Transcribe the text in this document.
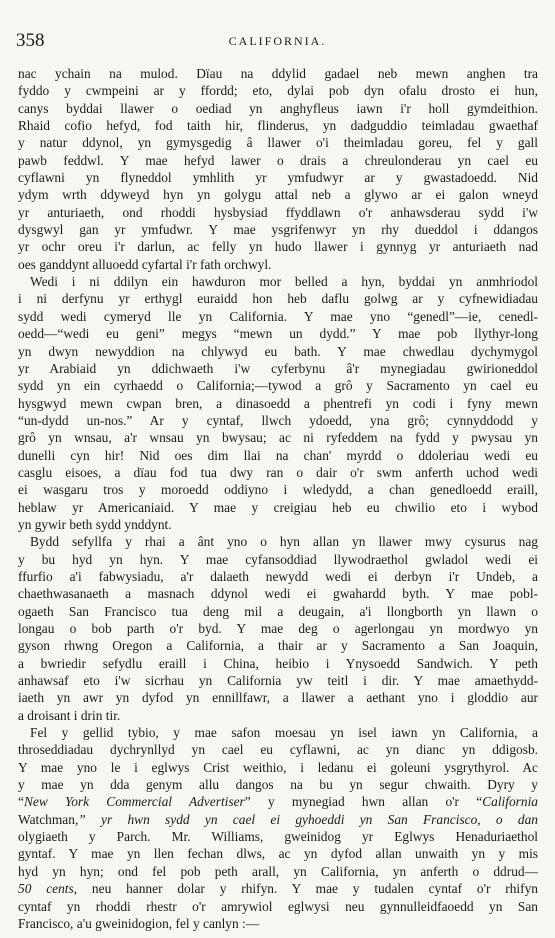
358	CALIFORNIA.
nac ychain na mulod. Dïau na ddylid gadael neb mewn anghen tra
fyddo y cwmpeini ar y ffordd; eto, dylai pob dyn ofalu drosto ei hun,
canys byddai llawer o oediad yn anghyfleus iawn i'r holl gymdeithion.
Rhaid cofio hefyd, fod taith hir, flinderus, yn dadguddio teimladau gwaethaf
y natur ddynol, yn gymysgedig â llawer o'i theimladau goreu, fel y gall
pawb feddwl. Y mae hefyd lawer o drais a chreulonderau yn cael eu
cyflawni yn flyneddol ymhlith yr ymfudwyr ar y gwastadoedd. Nid
ydym wrth ddyweyd hyn yn golygu attal neb a glywo ar ei galon wneyd
yr anturiaeth, ond rhoddi hysbysiad ffyddlawn o'r anhawsderau sydd i'w
dysgwyl gan yr ymfudwr. Y mae ysgrifenwyr yn rhy dueddol i ddangos
yr ochr oreu i'r darlun, ac felly yn hudo llawer i gynnyg yr anturiaeth nad
oes ganddynt alluoedd cyfartal i'r fath orchwyl.
Wedi i ni ddilyn ein hawduron mor belled a hyn, byddai yn anmhriodol
i ni derfynu yr erthygl euraidd hon heb daflu golwg ar y cyfnewidiadau
sydd wedi cymeryd lle yn California. Y mae yno “genedl”—ie, cenedl-
oedd—“wedi eu geni” megys “mewn un dydd.” Y mae pob llythyr-long
yn dwyn newyddion na chlywyd eu bath. Y mae chwedlau dychymygol
yr Arabiaid yn ddichwaeth i'w cyferbynu â'r mynegiadau gwirioneddol
sydd yn ein cyrhaedd o California;—tywod a grô y Sacramento yn cael eu
hysgwyd mewn cwpan bren, a dinasoedd a phentrefi yn codi i fyny mewn
“un-dydd un-nos.” Ar y cyntaf, llwch ydoedd, yna grô; cynnyddodd y
grô yn wnsau, a'r wnsau yn bwysau; ac ni ryfeddem na fydd y pwysau yn
dunelli cyn hir! Nid oes dim llai na chan' myrdd o ddoleriau wedi eu
casglu eisoes, a dïau fod tua dwy ran o dair o'r swm anferth uchod wedi
ei wasgaru tros y moroedd oddiyno i wledydd, a chan genedloedd eraill,
heblaw yr Americaniaid. Y mae y creigiau heb eu chwilio eto i wybod
yn gywir beth sydd ynddynt.
Bydd sefyllfa y rhai a ânt yno o hyn allan yn llawer mwy cysurus nag
y bu hyd yn hyn. Y mae cyfansoddiad llywodraethol gwladol wedi ei
ffurfio a'i fabwysiadu, a'r dalaeth newydd wedi ei derbyn i'r Undeb, a
chaethwasanaeth a masnach ddynol wedi ei gwahardd byth. Y mae pobl-
ogaeth San Francisco tua deng mil a deugain, a'i llongborth yn llawn o
longau o bob parth o'r byd. Y mae deg o agerlongau yn mordwyo yn
gyson rhwng Oregon a California, a thair ar y Sacramento a San Joaquin,
a bwriedir sefydlu eraill i China, heibio i Ynysoedd Sandwich. Y peth
anhawsaf eto i'w sicrhau yn California yw teitl i dir. Y mae amaethydd-
iaeth yn awr yn dyfod yn ennillfawr, a llawer a aethant yno i gloddio aur
a droisant i drin tir.
Fel y gellid tybio, y mae safon moesau yn isel iawn yn California, a
throseddiadau dychrynllyd yn cael eu cyflawni, ac yn dianc yn ddigosb.
Y mae yno le i eglwys Crist weithio, i ledanu ei goleuni ysgrythyrol. Ac
y mae yn dda genym allu dangos na bu yn segur chwaith. Dyry y
“New York Commercial Advertiser” y mynegiad hwn allan o'r “California
Watchman,” yr hwn sydd yn cael ei gyhoeddi yn San Francisco, o dan
olygiaeth y Parch. Mr. Williams, gweinidog yr Eglwys Henaduriaethol
gyntaf. Y mae yn llen fechan dlws, ac yn dyfod allan unwaith yn y mis
hyd yn hyn; ond fel pob peth arall, yn California, yn anferth o ddrud—
50 cents, neu hanner dolar y rhifyn. Y mae y tudalen cyntaf o'r rhifyn
cyntaf yn rhoddi rhestr o'r amrywiol eglwysi neu gynnulleidfaoedd yn San
Francisco, a'u gweinidogion, fel y canlyn :—
